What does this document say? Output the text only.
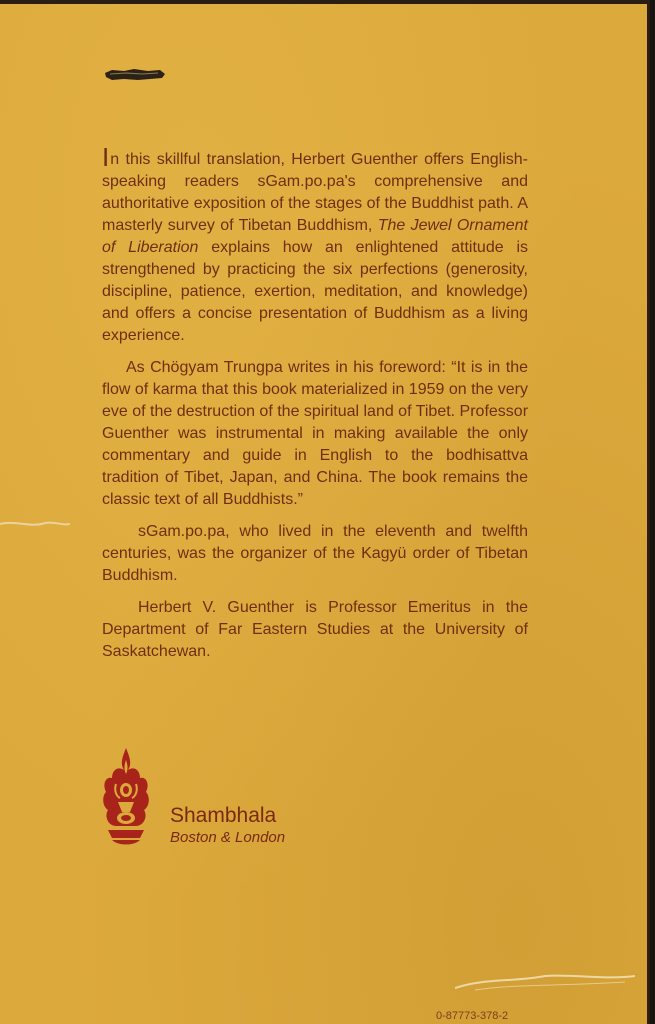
In this skillful translation, Herbert Guenther offers English-speaking readers sGam.po.pa's comprehensive and authoritative exposition of the stages of the Buddhist path. A masterly survey of Tibetan Buddhism, The Jewel Ornament of Liberation explains how an enlightened attitude is strengthened by practicing the six perfections (generosity, discipline, patience, exertion, meditation, and knowledge) and offers a concise presentation of Buddhism as a living experience.

As Chögyam Trungpa writes in his foreword: “It is in the flow of karma that this book materialized in 1959 on the very eve of the destruction of the spiritual land of Tibet. Professor Guenther was instrumental in making available the only commentary and guide in English to the bodhisattva tradition of Tibet, Japan, and China. The book remains the classic text of all Buddhists.”

sGam.po.pa, who lived in the eleventh and twelfth centuries, was the organizer of the Kagyü order of Tibetan Buddhism.

Herbert V. Guenther is Professor Emeritus in the Department of Far Eastern Studies at the University of Saskatchewan.

Shambhala
Boston & London
0-87773-378-2
